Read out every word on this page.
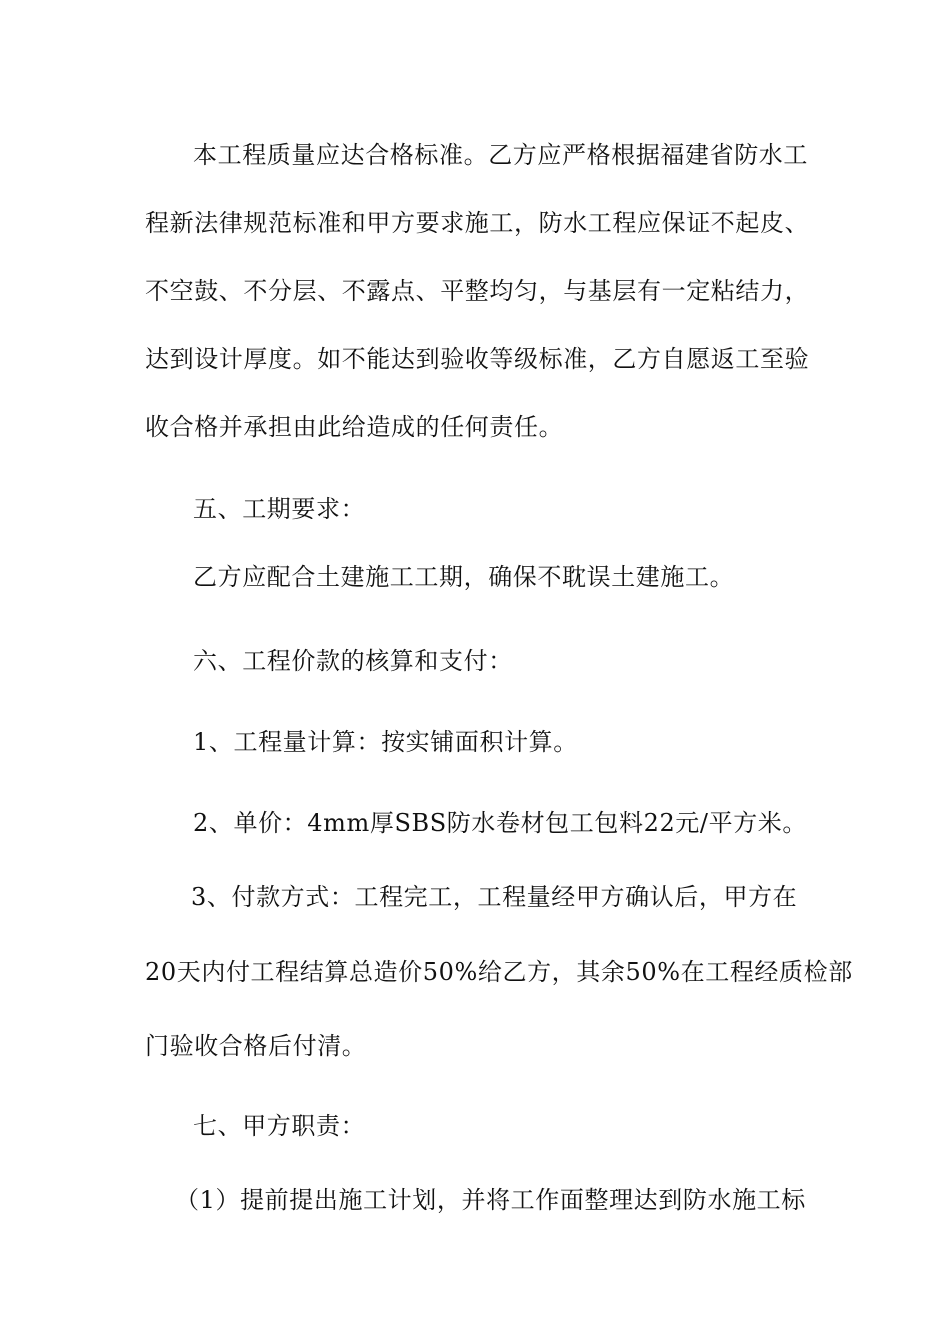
本工程质量应达合格标准。乙方应严格根据福建省防水工
程新法律规范标准和甲方要求施工，防水工程应保证不起皮、
不空鼓、不分层、不露点、平整均匀，与基层有一定粘结力，
达到设计厚度。如不能达到验收等级标准，乙方自愿返工至验
收合格并承担由此给造成的任何责任。
五、工期要求：
乙方应配合土建施工工期，确保不耽误土建施工。
六、工程价款的核算和支付：
1、工程量计算：按实铺面积计算。
2、单价：4mm厚SBS防水卷材包工包料22元/平方米。
3、付款方式：工程完工，工程量经甲方确认后，甲方在
20天内付工程结算总造价50%给乙方，其余50%在工程经质检部
门验收合格后付清。
七、甲方职责：
（1）提前提出施工计划，并将工作面整理达到防水施工标
